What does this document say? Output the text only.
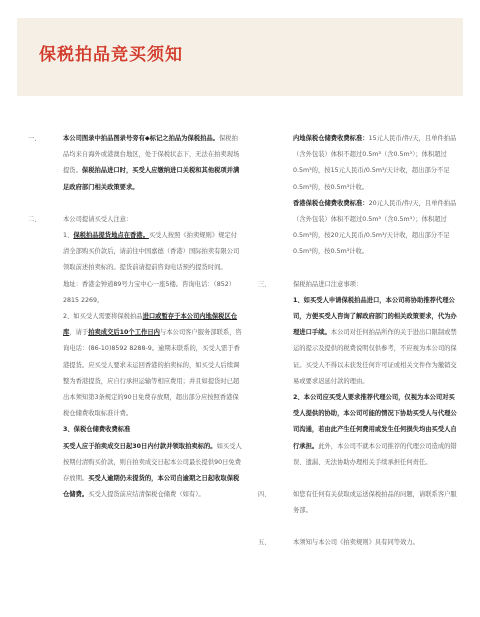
保税拍品竞买须知
一、	本公司图录中拍品图录号旁有◆标记之拍品为保税拍品。保税拍品均来自海外或港澳台地区，处于保税状态下，无法在拍卖现场提货。保税拍品进口时，买受人应缴纳进口关税和其他税项并满足政府部门相关政策要求。

二、	本公司提请买受人注意：

1、保税拍品提货地点在香港。买受人按照《拍卖规则》规定付清全部购买价款后，请前往中国嘉德（香港）国际拍卖有限公司领取前述拍卖标的。提货前请提前咨询电话预约提货时间。

地址：香港金钟道89号力宝中心一座5楼。咨询电话：（852）2815 2269。

2、如买受人需要将保税拍品进口或暂存于本公司内地保税区仓库，请于拍卖成交后10个工作日内与本公司客户服务部联系，咨询电话：(86-10)8592 8288-9。逾期未联系的，买受人需于香港提货。应买受人要求未运回香港的拍卖标的，如买受人后续调整为香港提货，应自行承担运输等相应费用；并且如提货时已超出本须知第3条规定的90日免费存放期，超出部分应按照香港保税仓储费收取标准计费。

3、保税仓储费收费标准

买受人应于拍卖成交日起30日内付款并领取拍卖标的。如买受人按期付清购买价款，则自拍卖成交日起本公司最长提供90日免费存放期。买受人逾期仍未提货的，本公司自逾期之日起收取保税仓储费。买受人提货前应结清保税仓储费（如有）。

内地保税仓储费收费标准：15元人民币/件/天，且单件拍品（含外包装）体积不超过0.5m³（含0.5m³）；体积超过0.5m³的，按15元人民币/0.5m³/天计收，超出部分不足0.5m³的，按0.5m³计收。

香港保税仓储费收费标准：20元人民币/件/天，且单件拍品（含外包装）体积不超过0.5m³（含0.5m³）；体积超过0.5m³的，按20元人民币/0.5m³/天计收，超出部分不足0.5m³的，按0.5m³计收。

三、	保税拍品进口注意事项：

1、如买受人申请保税拍品进口，本公司将协助推荐代理公司，方便买受人咨询了解政府部门的相关政策要求，代为办理进口手续。本公司对任何拍品所作的关于进出口限制或禁运的提示及提供的税费说明仅供参考，不应视为本公司的保证。买受人不得以未获发任何许可证或相关文件作为撤销交易或要求迟延付款的理由。

2、本公司应买受人要求推荐代理公司，仅视为本公司对买受人提供的协助，本公司可能的情况下协助买受人与代理公司沟通，若由此产生任何费用或发生任何损失均由买受人自行承担。此外，本公司不就本公司推荐的代理公司造成的错误、遗漏、无法协助办理相关手续承担任何责任。

四、	如您有任何有关获取或运送保税拍品的问题，请联系客户服务部。

五、	本须知与本公司《拍卖规则》具有同等效力。
